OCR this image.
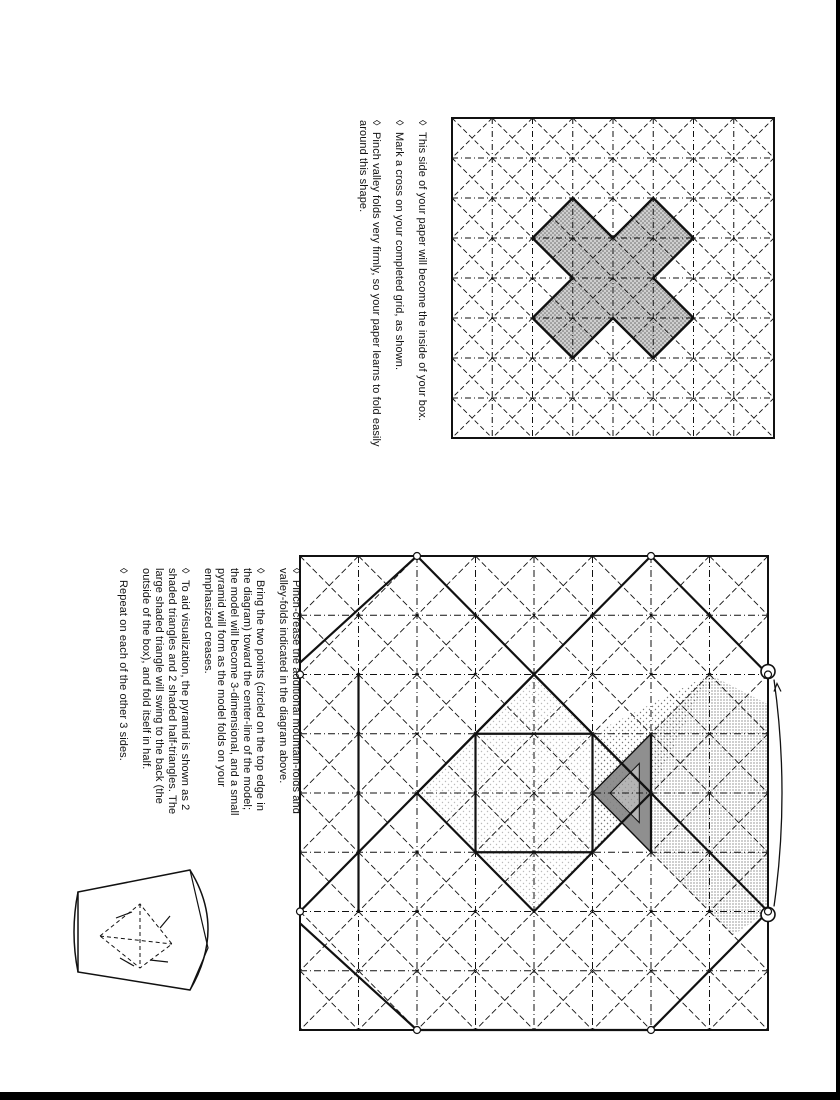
◊This side of your paper will become the inside of your box.

◊Mark a cross on your completed grid, as shown.

◊Pinch valley folds very firmly, so your paper learns to fold easily around this shape.

◊Pinch-crease the additional mountain-folds and valley-folds indicated in the diagram above.

◊Bring the two points (circled on the top edge in the diagram) toward the center-line of the model; the model will become 3-dimensional, and a small pyramid will form as the model folds on your emphasized creases.

◊To aid visualization, the pyramid is shown as 2 shaded triangles and 2 shaded half-triangles. The large shaded triangle will swing to the back (the outside of the box), and fold itself in half.

◊Repeat on each of the other 3 sides.
